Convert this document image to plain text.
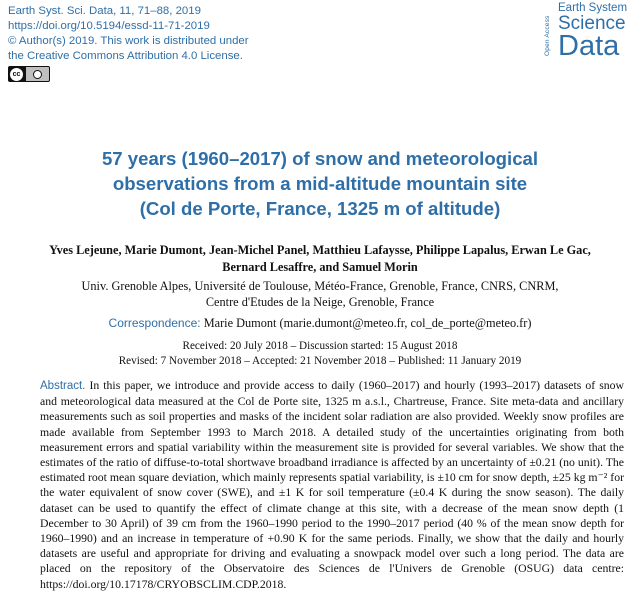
Earth Syst. Sci. Data, 11, 71–88, 2019
https://doi.org/10.5194/essd-11-71-2019
© Author(s) 2019. This work is distributed under
the Creative Commons Attribution 4.0 License.
cc
Open Access
Earth System
Science
Data
57 years (1960–2017) of snow and meteorological
observations from a mid-altitude mountain site
(Col de Porte, France, 1325 m of altitude)
Yves Lejeune, Marie Dumont, Jean-Michel Panel, Matthieu Lafaysse, Philippe Lapalus, Erwan Le Gac,
Bernard Lesaffre, and Samuel Morin
Univ. Grenoble Alpes, Université de Toulouse, Météo-France, Grenoble, France, CNRS, CNRM,
Centre d'Etudes de la Neige, Grenoble, France
Correspondence: Marie Dumont (marie.dumont@meteo.fr, col_de_porte@meteo.fr)
Received: 20 July 2018 – Discussion started: 15 August 2018
Revised: 7 November 2018 – Accepted: 21 November 2018 – Published: 11 January 2019
Abstract. In this paper, we introduce and provide access to daily (1960–2017) and hourly (1993–2017) datasets of snow and meteorological data measured at the Col de Porte site, 1325 m a.s.l., Chartreuse, France. Site meta-data and ancillary measurements such as soil properties and masks of the incident solar radiation are also provided. Weekly snow profiles are made available from September 1993 to March 2018. A detailed study of the uncertainties originating from both measurement errors and spatial variability within the measurement site is provided for several variables. We show that the estimates of the ratio of diffuse-to-total shortwave broadband irradiance is affected by an uncertainty of ±0.21 (no unit). The estimated root mean square deviation, which mainly represents spatial variability, is ±10 cm for snow depth, ±25 kg m⁻² for the water equivalent of snow cover (SWE), and ±1 K for soil temperature (±0.4 K during the snow season). The daily dataset can be used to quantify the effect of climate change at this site, with a decrease of the mean snow depth (1 December to 30 April) of 39 cm from the 1960–1990 period to the 1990–2017 period (40 % of the mean snow depth for 1960–1990) and an increase in temperature of +0.90 K for the same periods. Finally, we show that the daily and hourly datasets are useful and appropriate for driving and evaluating a snowpack model over such a long period. The data are placed on the repository of the Observatoire des Sciences de l'Univers de Grenoble (OSUG) data centre: https://doi.org/10.17178/CRYOBSCLIM.CDP.2018.
